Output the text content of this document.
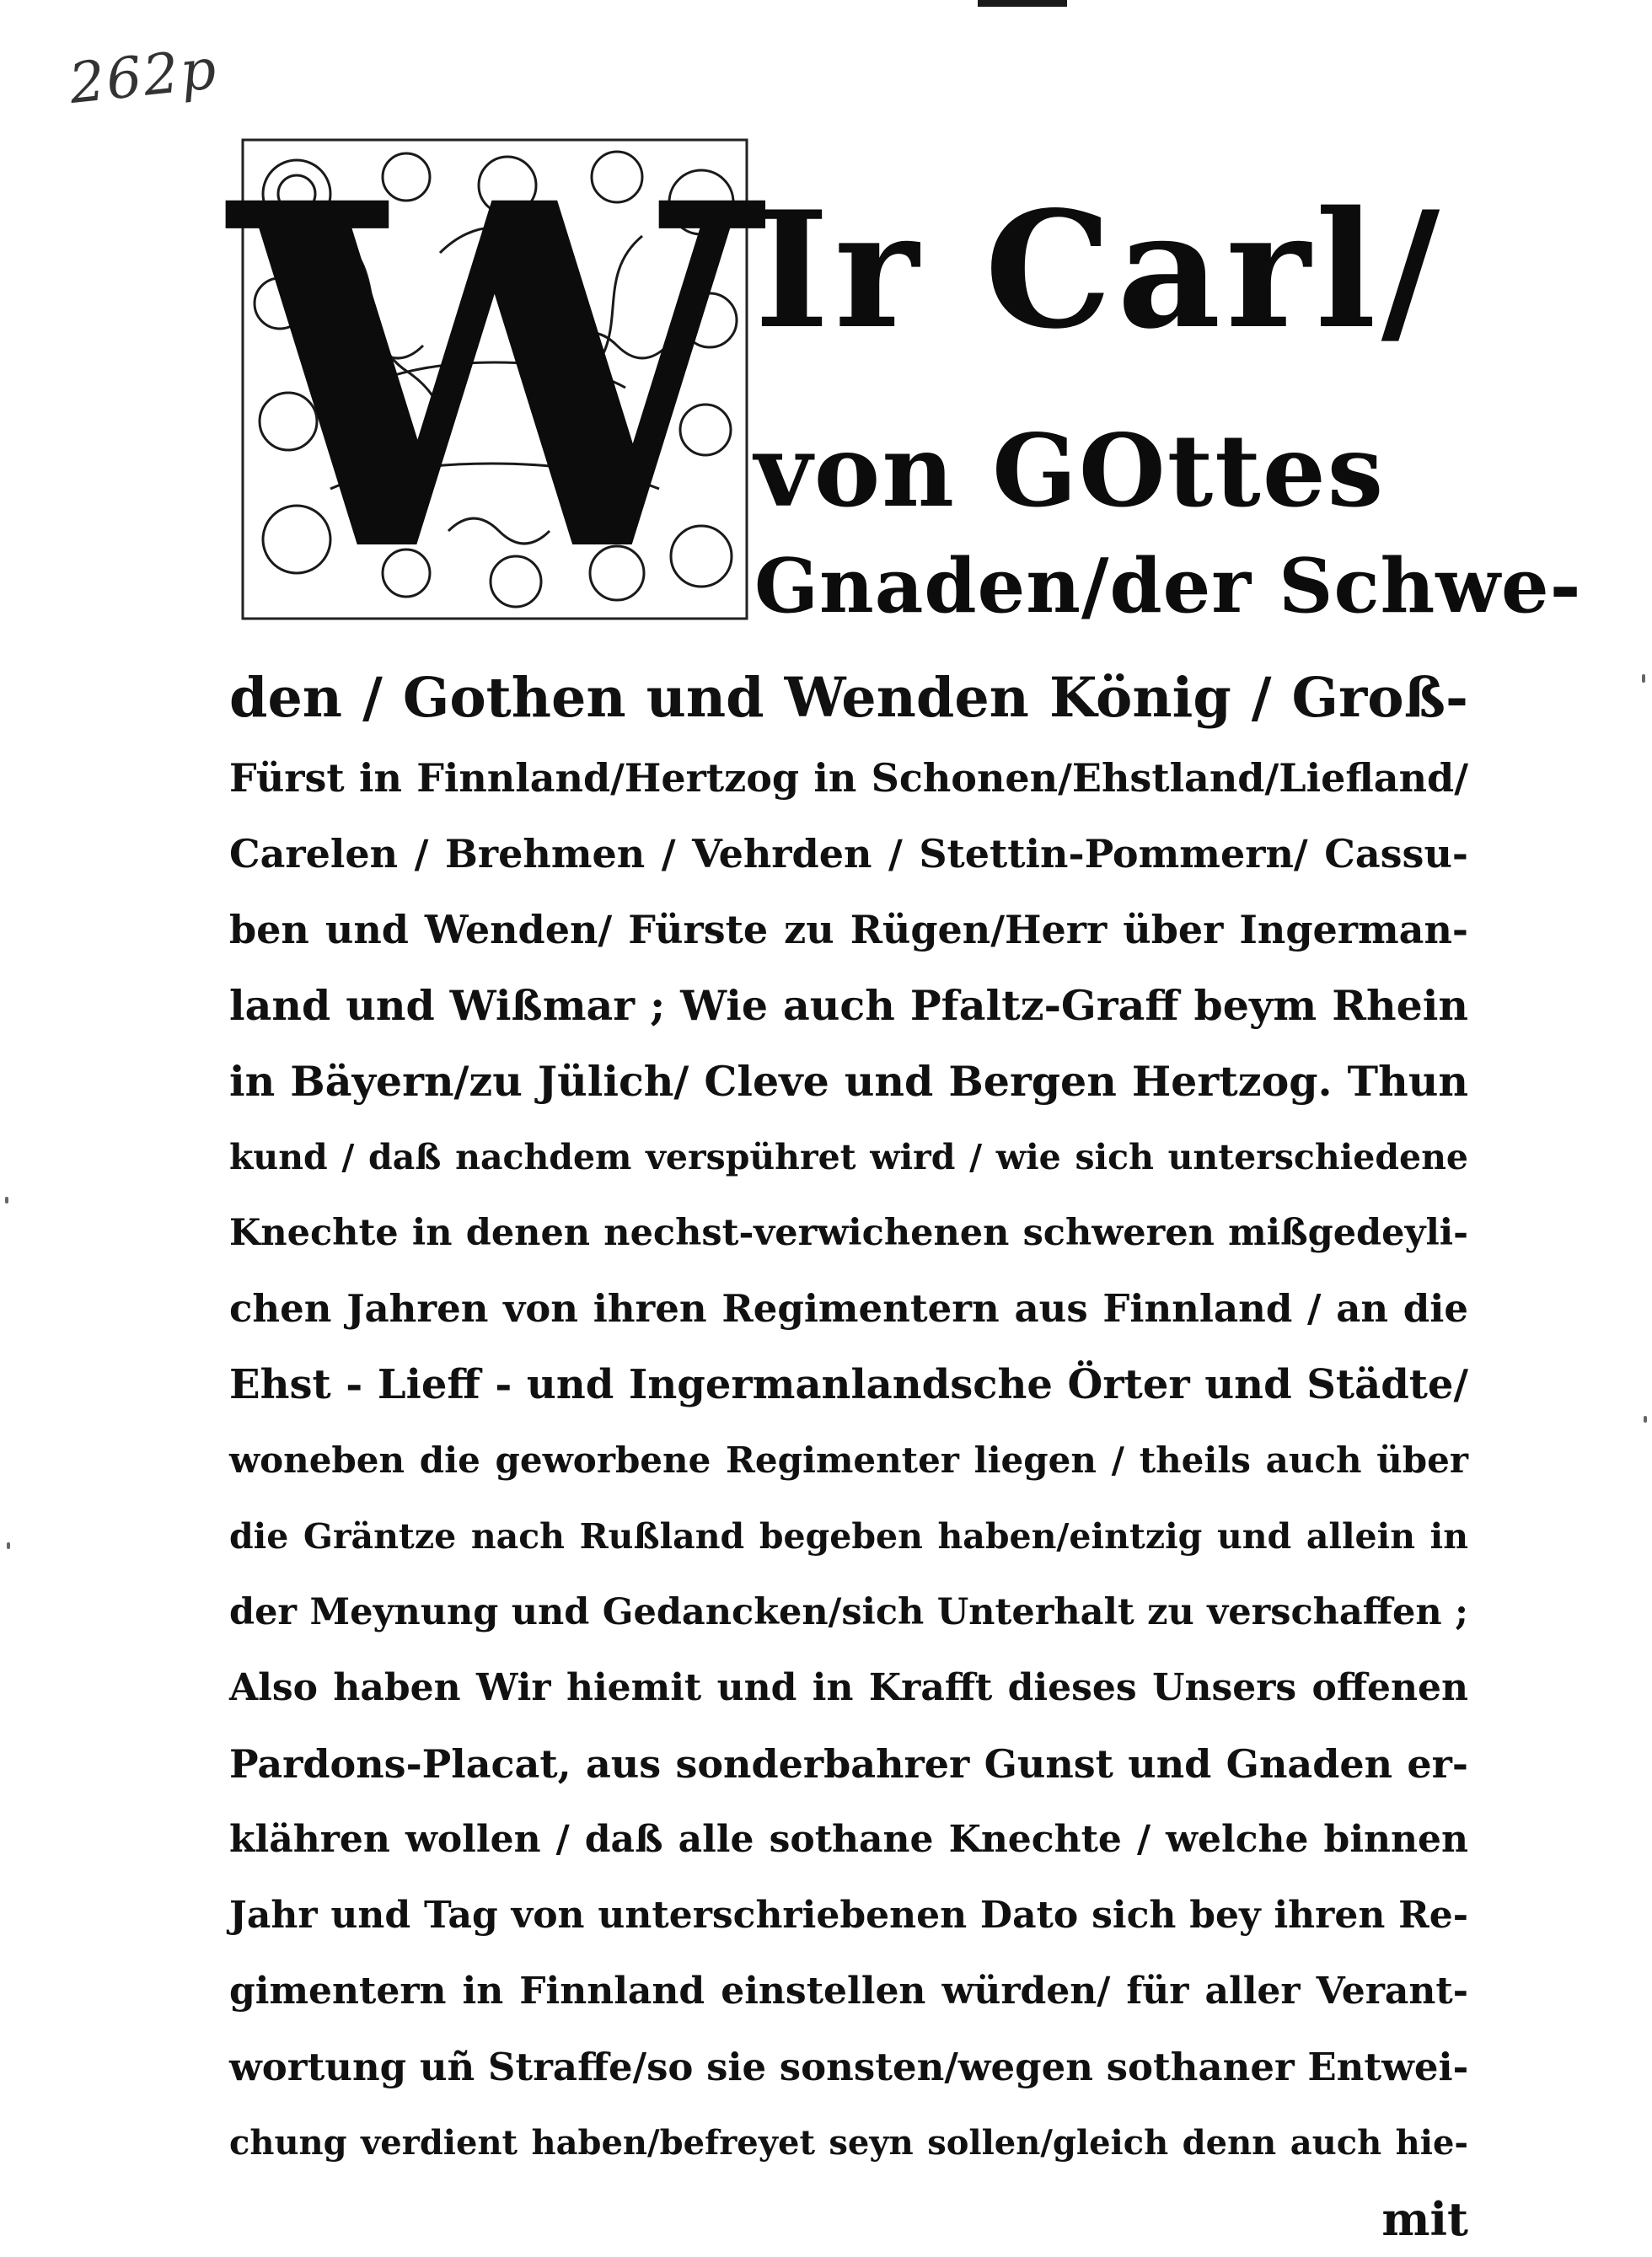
262p
W
Ir Carl/
von GOttes
Gnaden/der Schwe-
den / Gothen und Wenden König / Groß-
Fürst in Finnland/Hertzog in Schonen/Ehstland/Liefland/
Carelen / Brehmen / Vehrden / Stettin-Pommern/ Cassu-
ben und Wenden/ Fürste zu Rügen/Herr über Ingerman-
land und Wißmar ; Wie auch Pfaltz-Graff beym Rhein
in Bäyern/zu Jülich/ Cleve und Bergen Hertzog. Thun
kund / daß nachdem verspühret wird / wie sich unterschiedene
Knechte in denen nechst-verwichenen schweren mißgedeyli-
chen Jahren von ihren Regimentern aus Finnland / an die
Ehst - Lieff - und Ingermanlandsche Örter und Städte/
woneben die geworbene Regimenter liegen / theils auch über
die Gräntze nach Rußland begeben haben/eintzig und allein in
der Meynung und Gedancken/sich Unterhalt zu verschaffen ;
Also haben Wir hiemit und in Krafft dieses Unsers offenen
Pardons-Placat, aus sonderbahrer Gunst und Gnaden er-
klähren wollen / daß alle sothane Knechte / welche binnen
Jahr und Tag von unterschriebenen Dato sich bey ihren Re-
gimentern in Finnland einstellen würden/ für aller Verant-
wortung uñ Straffe/so sie sonsten/wegen sothaner Entwei-
chung verdient haben/befreyet seyn sollen/gleich denn auch hie-
mit
